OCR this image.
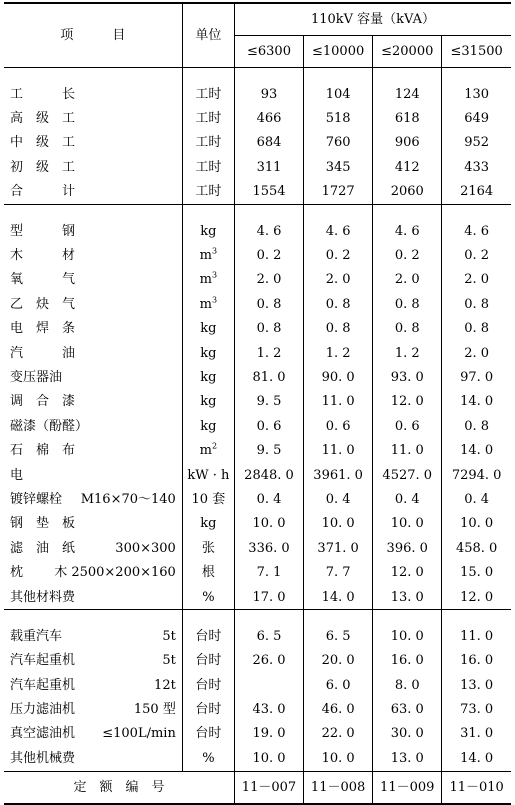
项　　　目	单位	110kV 容量（kVA）			
		≤6300	≤10000	≤20000	≤31500

工　　　长	工时	93	104	124	130

高　级　工	工时	466	518	618	649

中　级　工	工时	684	760	906	952

初　级　工	工时	311	345	412	433

合　　　计	工时	1554	1727	2060	2164

型　　　钢	kg	4. 6	4. 6	4. 6	4. 6

木　　　材	$m^3$	0. 2	0. 2	0. 2	0. 2

氧　　　气	$m^3$	2. 0	2. 0	2. 0	2. 0

乙　炔　气	$m^3$	0. 8	0. 8	0. 8	0. 8

电　焊　条	kg	0. 8	0. 8	0. 8	0. 8

汽　　　油	kg	1. 2	1. 2	1. 2	2. 0

变压器油	kg	81. 0	90. 0	93. 0	97. 0

调　合　漆	kg	9. 5	11. 0	12. 0	14. 0

磁漆（酚醛）	kg	0. 6	0. 6	0. 6	0. 8

石　棉　布	$m^2$	9. 5	11. 0	11. 0	14. 0

电	kW · h	2848. 0	3961. 0	4527. 0	7294. 0

镀锌螺栓 M16×70～140	10 套	0. 4	0. 4	0. 4	0. 4

钢　垫　板	kg	10. 0	10. 0	10. 0	10. 0

滤　油　纸 300×300	张	336. 0	371. 0	396. 0	458. 0

枕 木 2500×200×160	根	7. 1	7. 7	12. 0	15. 0

其他材料费	%	17. 0	14. 0	13. 0	12. 0

载重汽车 5t	台时	6. 5	6. 5	10. 0	11. 0

汽车起重机 5t	台时	26. 0	20. 0	16. 0	16. 0

汽车起重机 12t	台时		6. 0	8. 0	13. 0

压力滤油机 150 型	台时	43. 0	46. 0	63. 0	73. 0

真空滤油机 ≤100L/min	台时	19. 0	22. 0	30. 0	31. 0

其他机械费	%	10. 0	10. 0	13. 0	14. 0
定　额　编　号		11－007	11－008	11－009	11－010
